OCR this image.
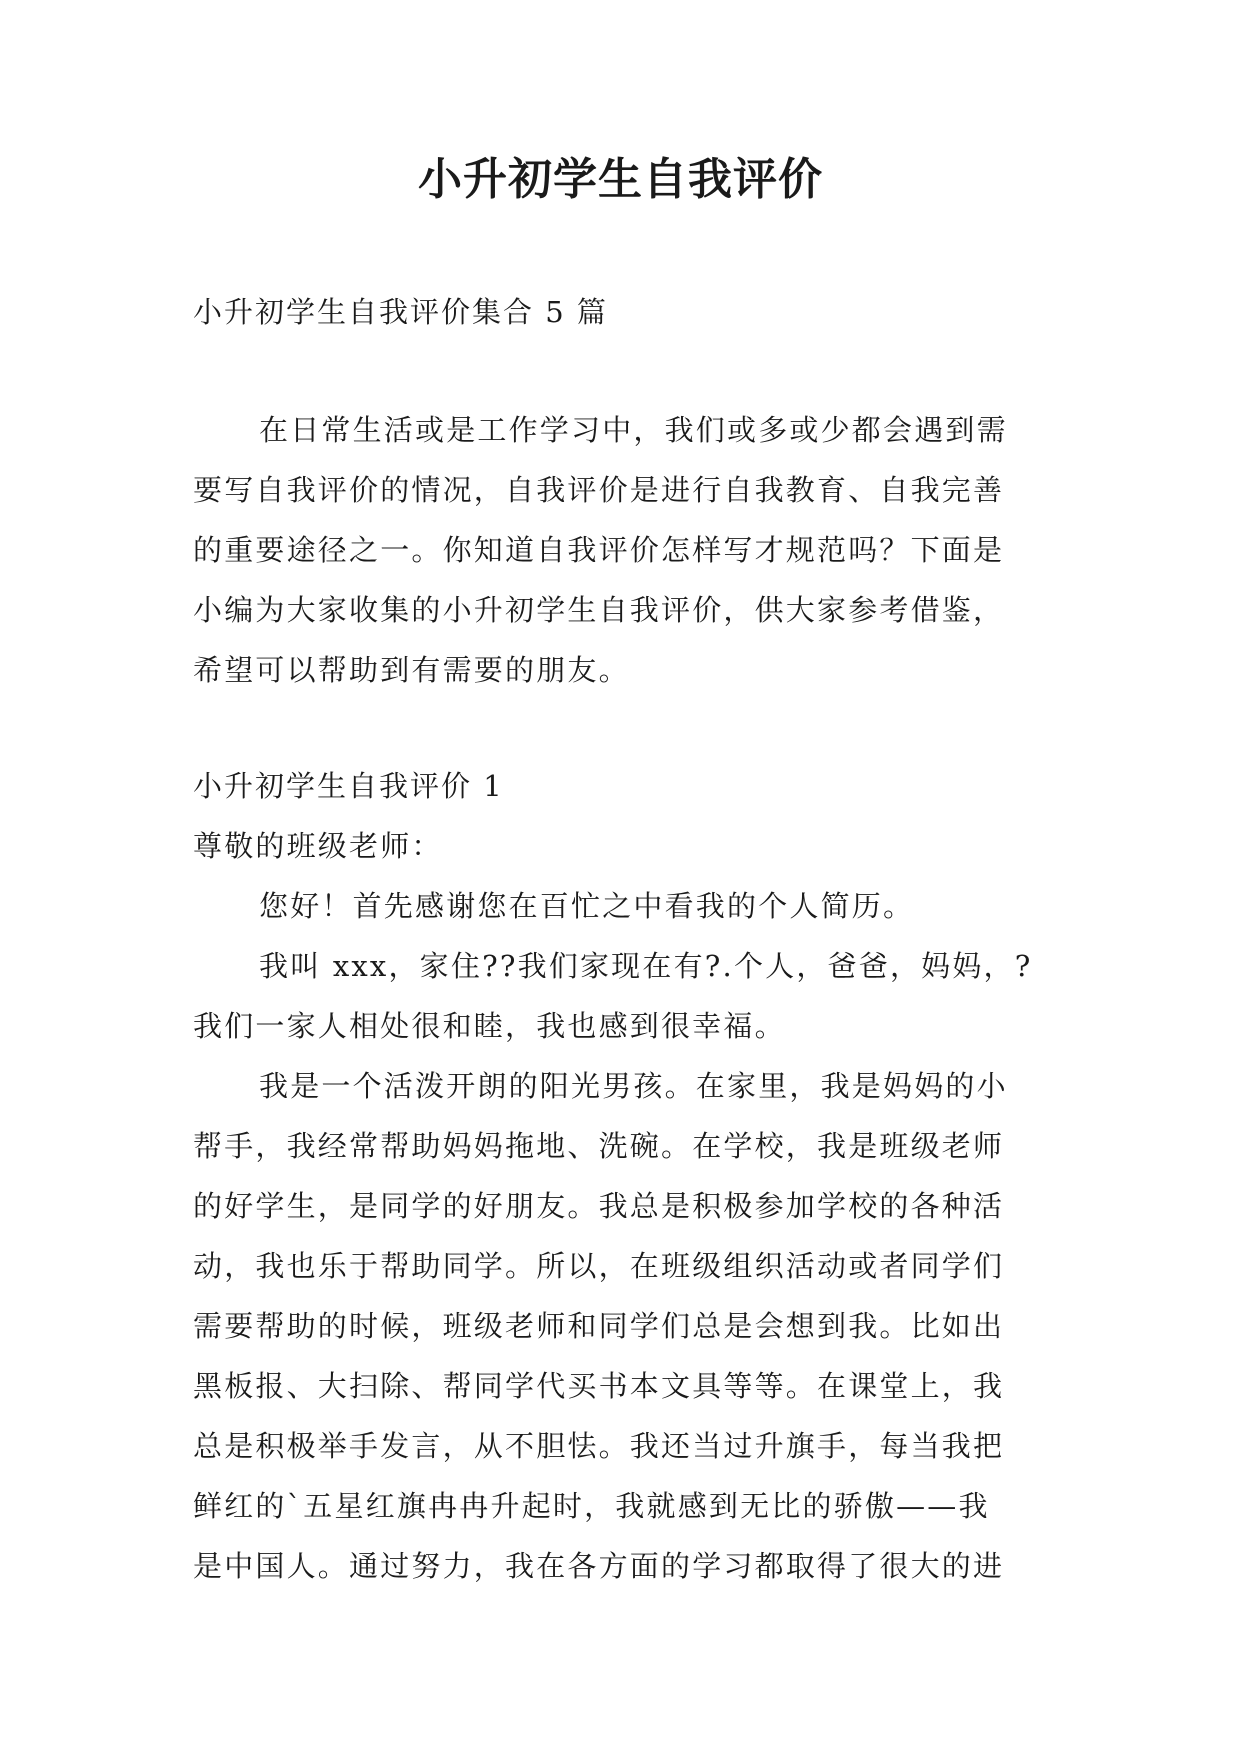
小升初学生自我评价

小升初学生自我评价集合 5 篇

在日常生活或是工作学习中，我们或多或少都会遇到需
要写自我评价的情况，自我评价是进行自我教育、自我完善
的重要途径之一。你知道自我评价怎样写才规范吗？下面是
小编为大家收集的小升初学生自我评价，供大家参考借鉴，
希望可以帮助到有需要的朋友。

小升初学生自我评价 1

尊敬的班级老师：
您好！首先感谢您在百忙之中看我的个人简历。
我叫 xxx，家住??我们家现在有?.个人，爸爸，妈妈，?
我们一家人相处很和睦，我也感到很幸福。
我是一个活泼开朗的阳光男孩。在家里，我是妈妈的小
帮手，我经常帮助妈妈拖地、洗碗。在学校，我是班级老师
的好学生，是同学的好朋友。我总是积极参加学校的各种活
动，我也乐于帮助同学。所以，在班级组织活动或者同学们
需要帮助的时候，班级老师和同学们总是会想到我。比如出
黑板报、大扫除、帮同学代买书本文具等等。在课堂上，我
总是积极举手发言，从不胆怯。我还当过升旗手，每当我把
鲜红的`五星红旗冉冉升起时，我就感到无比的骄傲——我
是中国人。通过努力，我在各方面的学习都取得了很大的进
